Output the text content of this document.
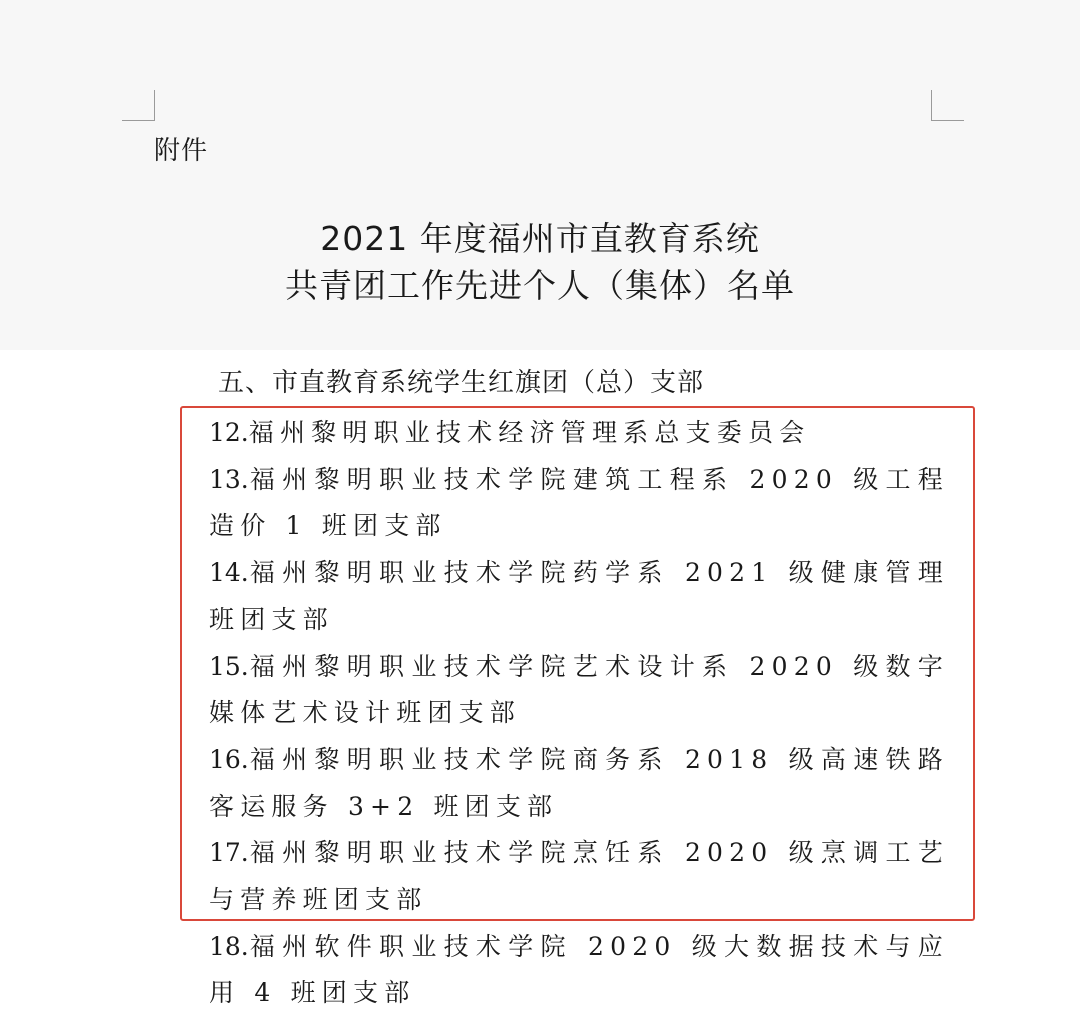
附件
2021 年度福州市直教育系统
共青团工作先进个人（集体）名单
五、市直教育系统学生红旗团（总）支部
12.福州黎明职业技术经济管理系总支委员会
13.福州黎明职业技术学院建筑工程系 2020 级工程造价 1 班团支部
14.福州黎明职业技术学院药学系 2021 级健康管理班团支部
15.福州黎明职业技术学院艺术设计系 2020 级数字媒体艺术设计班团支部
16.福州黎明职业技术学院商务系 2018 级高速铁路客运服务 3+2 班团支部
17.福州黎明职业技术学院烹饪系 2020 级烹调工艺与营养班团支部
18.福州软件职业技术学院 2020 级大数据技术与应用 4 班团支部
